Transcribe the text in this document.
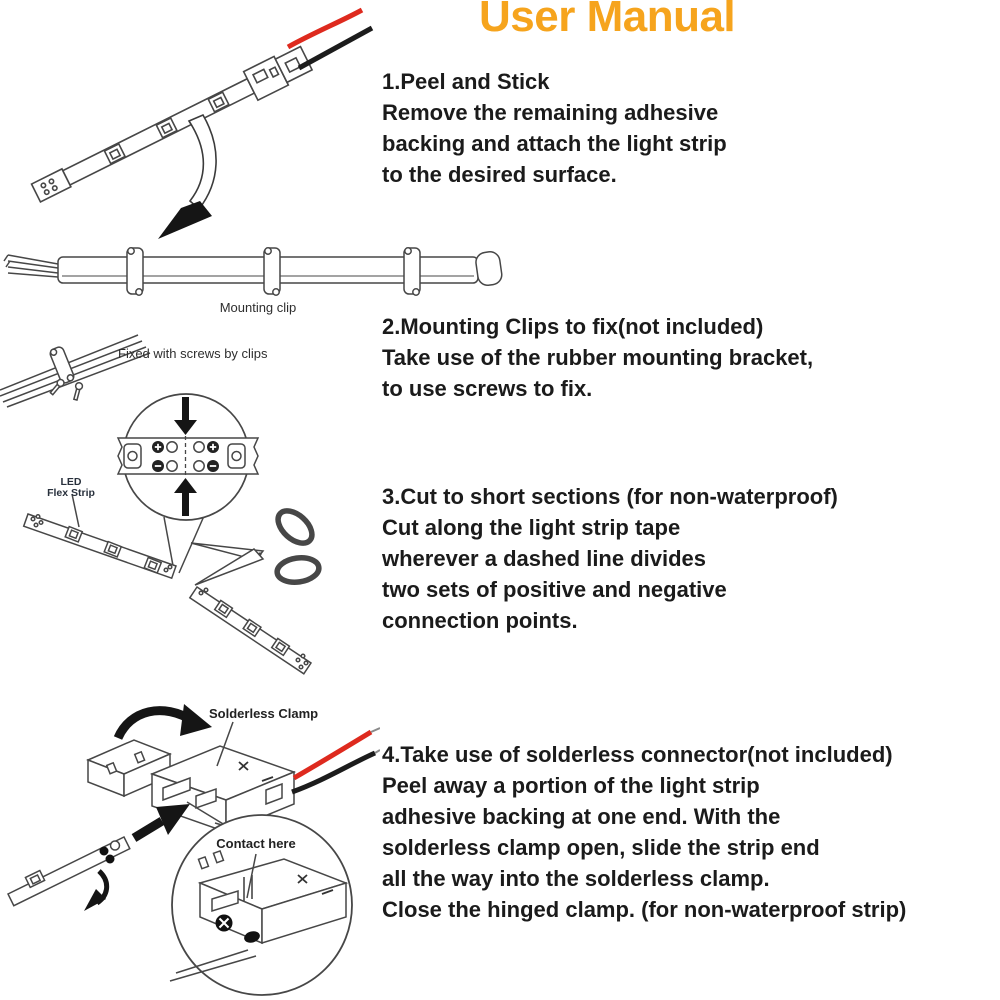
User Manual
1.Peel and Stick
Remove the remaining adhesive
backing and attach the light strip
to the desired surface.
2.Mounting Clips to fix(not included)
Take use of the rubber mounting bracket,
to use screws to fix.
3.Cut to short sections (for non-waterproof)
Cut along the light strip tape
wherever a dashed line divides
two sets of positive and negative
connection points.
4.Take use of solderless connector(not included)
Peel away a portion of the light strip
adhesive backing at one end. With the
solderless clamp open, slide the strip end
all the way into the solderless clamp.
Close the hinged clamp. (for non-waterproof strip)
Mounting clip
Fixed with screws by clips
LED
Flex Strip
Solderless Clamp
Contact here
